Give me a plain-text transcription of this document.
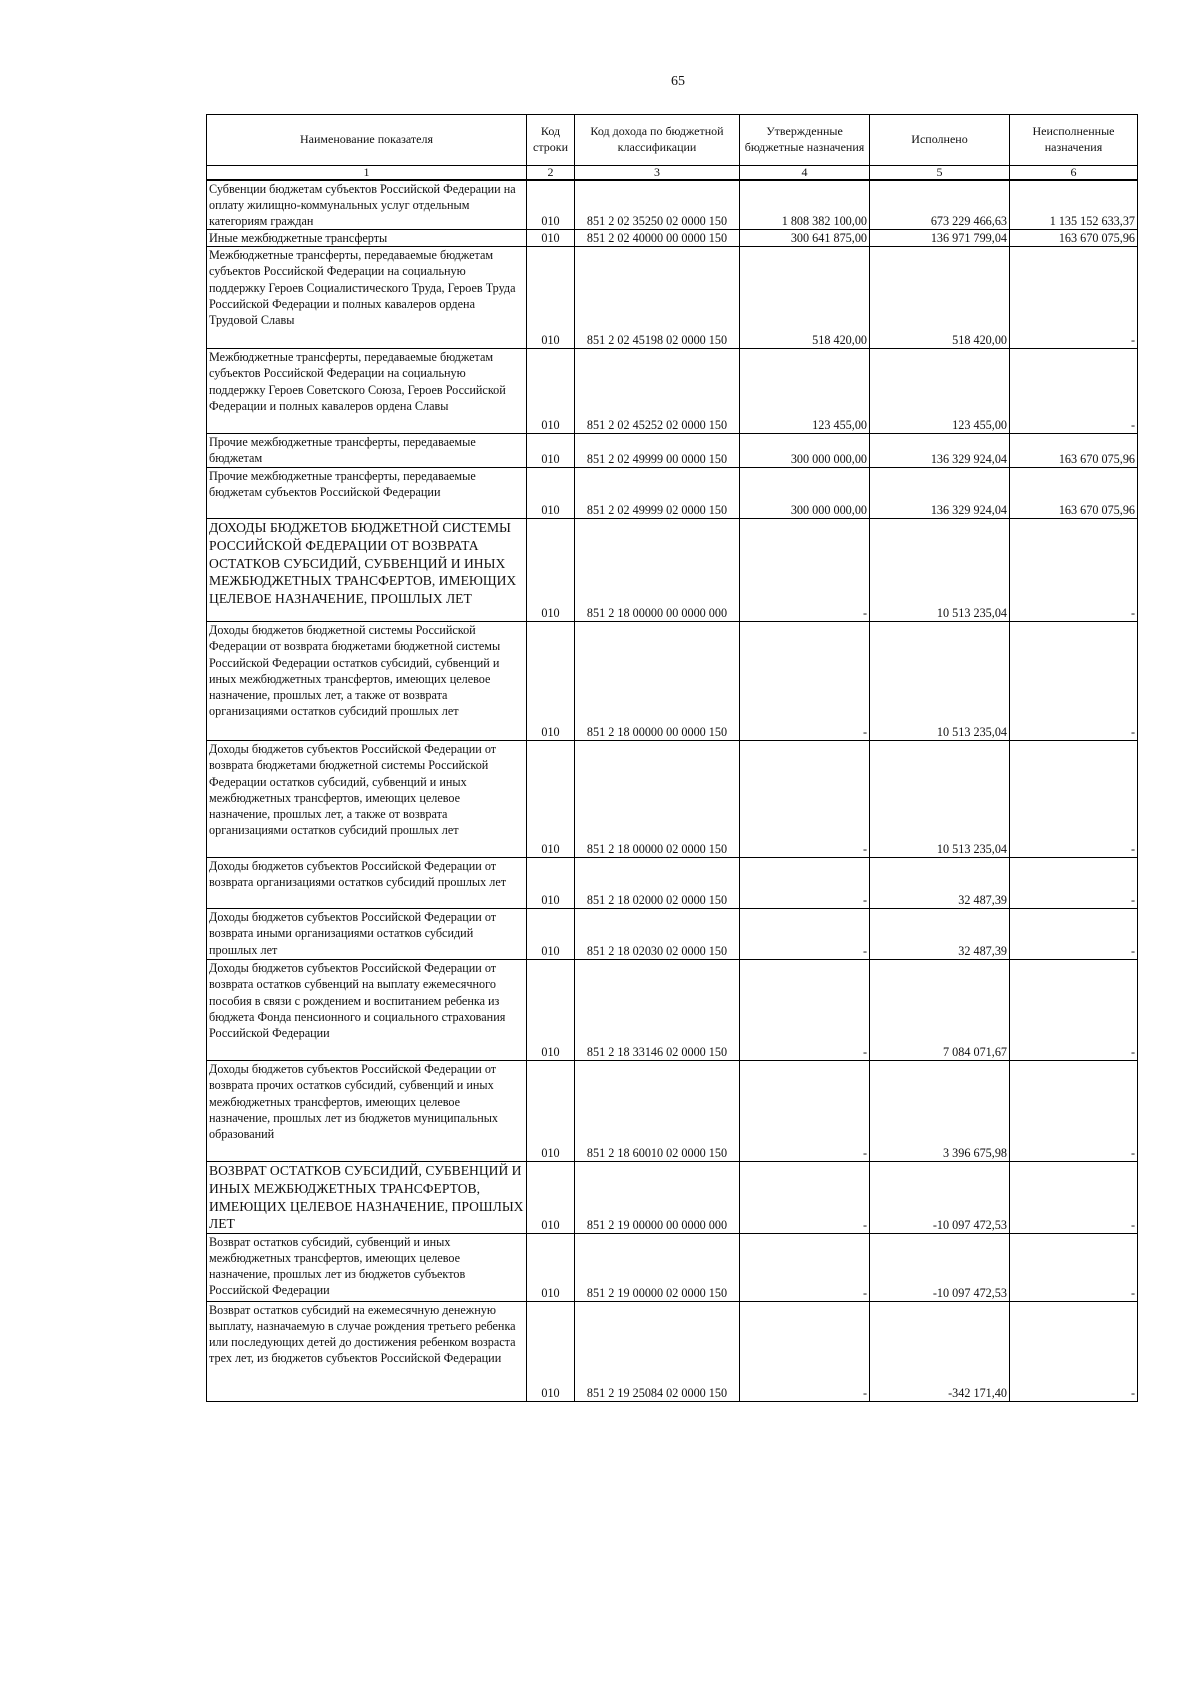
65
Наименование показателя	Код строки	Код дохода по бюджетной классификации	Утвержденные бюджетные назначения	Исполнено	Неисполненные назначения
1	2	3	4	5	6
Субвенции бюджетам субъектов Российской Федерации на оплату жилищно-коммунальных услуг отдельным категориям граждан	010	851 2 02 35250 02 0000 150	1 808 382 100,00	673 229 466,63	1 135 152 633,37
Иные межбюджетные трансферты	010	851 2 02 40000 00 0000 150	300 641 875,00	136 971 799,04	163 670 075,96
Межбюджетные трансферты, передаваемые бюджетам субъектов Российской Федерации на социальную поддержку Героев Социалистического Труда, Героев Труда Российской Федерации и полных кавалеров ордена Трудовой Славы	010	851 2 02 45198 02 0000 150	518 420,00	518 420,00	-
Межбюджетные трансферты, передаваемые бюджетам субъектов Российской Федерации на социальную поддержку Героев Советского Союза, Героев Российской Федерации и полных кавалеров ордена Славы	010	851 2 02 45252 02 0000 150	123 455,00	123 455,00	-
Прочие межбюджетные трансферты, передаваемые бюджетам	010	851 2 02 49999 00 0000 150	300 000 000,00	136 329 924,04	163 670 075,96
Прочие межбюджетные трансферты, передаваемые бюджетам субъектов Российской Федерации	010	851 2 02 49999 02 0000 150	300 000 000,00	136 329 924,04	163 670 075,96
ДОХОДЫ БЮДЖЕТОВ БЮДЖЕТНОЙ СИСТЕМЫ РОССИЙСКОЙ ФЕДЕРАЦИИ ОТ ВОЗВРАТА ОСТАТКОВ СУБСИДИЙ, СУБВЕНЦИЙ И ИНЫХ МЕЖБЮДЖЕТНЫХ ТРАНСФЕРТОВ, ИМЕЮЩИХ ЦЕЛЕВОЕ НАЗНАЧЕНИЕ, ПРОШЛЫХ ЛЕТ	010	851 2 18 00000 00 0000 000	-	10 513 235,04	-
Доходы бюджетов бюджетной системы Российской Федерации от возврата бюджетами бюджетной системы Российской Федерации остатков субсидий, субвенций и иных межбюджетных трансфертов, имеющих целевое назначение, прошлых лет, а также от возврата организациями остатков субсидий прошлых лет	010	851 2 18 00000 00 0000 150	-	10 513 235,04	-
Доходы бюджетов субъектов Российской Федерации от возврата бюджетами бюджетной системы Российской Федерации остатков субсидий, субвенций и иных межбюджетных трансфертов, имеющих целевое назначение, прошлых лет, а также от возврата организациями остатков субсидий прошлых лет	010	851 2 18 00000 02 0000 150	-	10 513 235,04	-
Доходы бюджетов субъектов Российской Федерации от возврата организациями остатков субсидий прошлых лет	010	851 2 18 02000 02 0000 150	-	32 487,39	-
Доходы бюджетов субъектов Российской Федерации от возврата иными организациями остатков субсидий прошлых лет	010	851 2 18 02030 02 0000 150	-	32 487,39	-
Доходы бюджетов субъектов Российской Федерации от возврата остатков субвенций на выплату ежемесячного пособия в связи с рождением и воспитанием ребенка из бюджета Фонда пенсионного и социального страхования Российской Федерации	010	851 2 18 33146 02 0000 150	-	7 084 071,67	-
Доходы бюджетов субъектов Российской Федерации от возврата прочих остатков субсидий, субвенций и иных межбюджетных трансфертов, имеющих целевое назначение, прошлых лет из бюджетов муниципальных образований	010	851 2 18 60010 02 0000 150	-	3 396 675,98	-
ВОЗВРАТ ОСТАТКОВ СУБСИДИЙ, СУБВЕНЦИЙ И ИНЫХ МЕЖБЮДЖЕТНЫХ ТРАНСФЕРТОВ, ИМЕЮЩИХ ЦЕЛЕВОЕ НАЗНАЧЕНИЕ, ПРОШЛЫХ ЛЕТ	010	851 2 19 00000 00 0000 000	-	-10 097 472,53	-
Возврат остатков субсидий, субвенций и иных межбюджетных трансфертов, имеющих целевое назначение, прошлых лет из бюджетов субъектов Российской Федерации	010	851 2 19 00000 02 0000 150	-	-10 097 472,53	-
Возврат остатков субсидий на ежемесячную денежную выплату, назначаемую в случае рождения третьего ребенка или последующих детей до достижения ребенком возраста трех лет, из бюджетов субъектов Российской Федерации	010	851 2 19 25084 02 0000 150	-	-342 171,40	-
